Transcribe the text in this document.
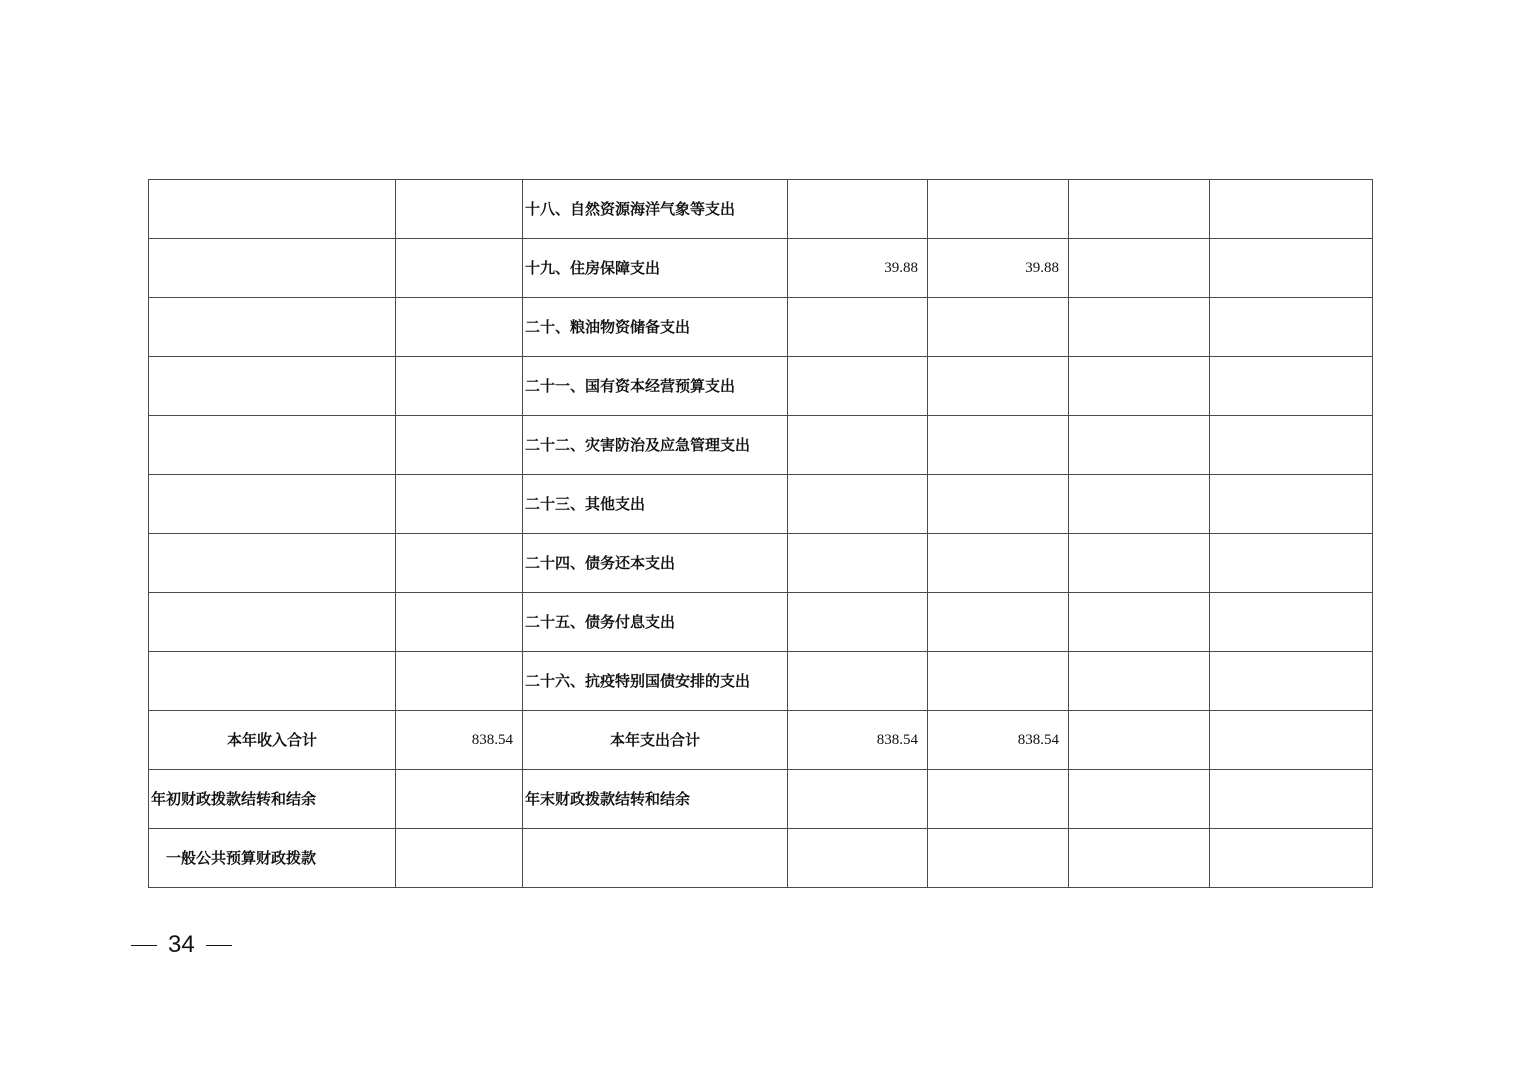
		十八、自然资源海洋气象等支出				
		十九、住房保障支出	39.88	39.88		
		二十、粮油物资储备支出				
		二十一、国有资本经营预算支出				
		二十二、灾害防治及应急管理支出				
		二十三、其他支出				
		二十四、债务还本支出				
		二十五、债务付息支出				
		二十六、抗疫特别国债安排的支出				
本年收入合计	838.54	本年支出合计	838.54	838.54		
年初财政拨款结转和结余		年末财政拨款结转和结余				
一般公共预算财政拨款						
34
